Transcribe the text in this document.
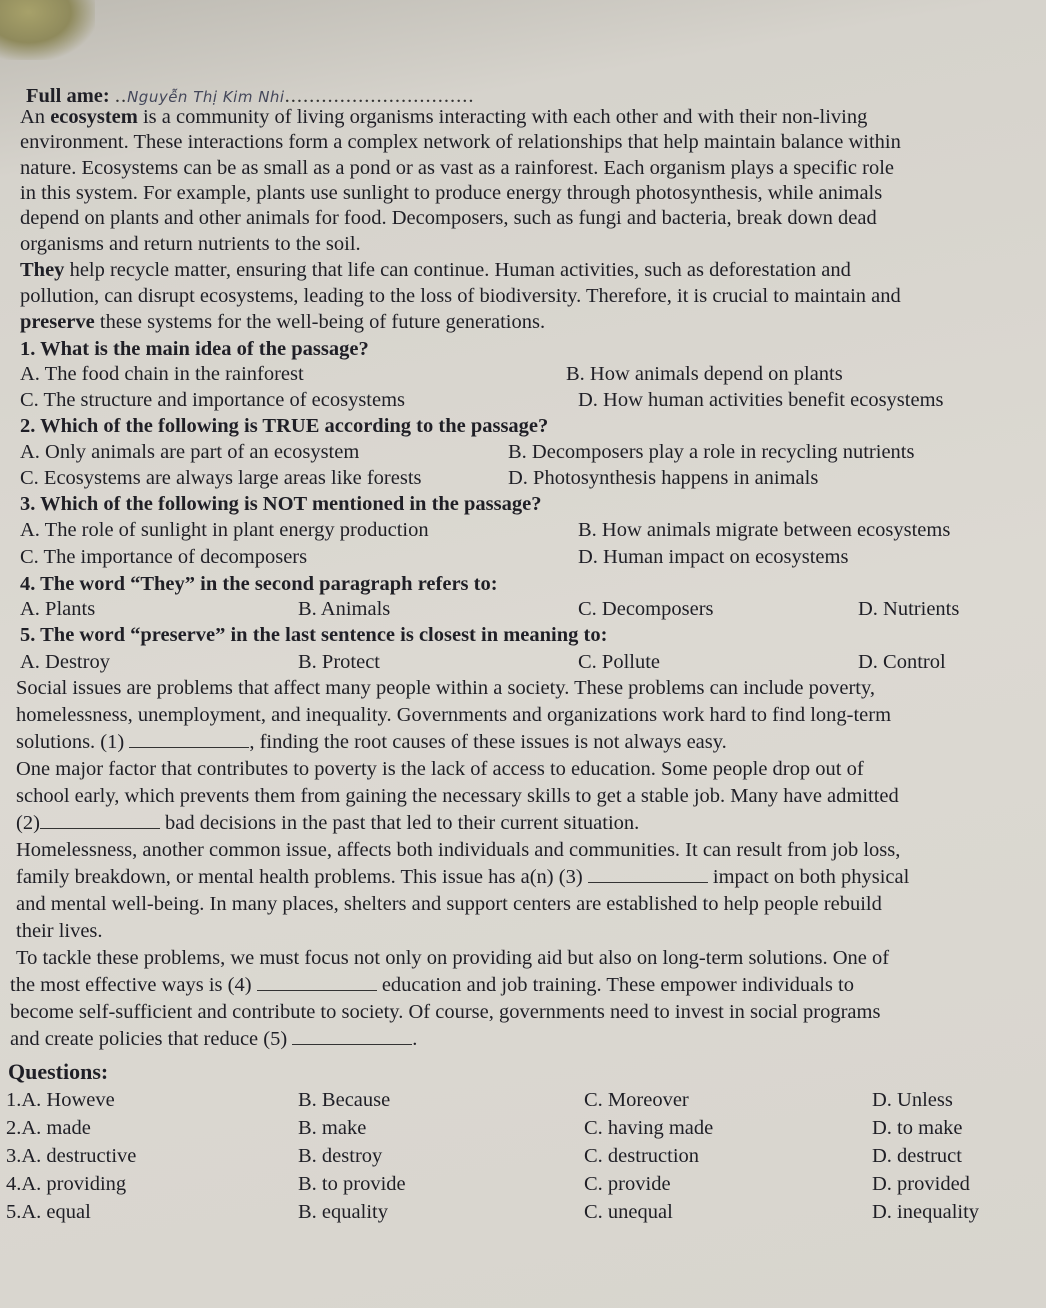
Full ame: ..Nguyễn Thị Kim Nhi...............................
An ecosystem is a community of living organisms interacting with each other and with their non-living
environment. These interactions form a complex network of relationships that help maintain balance within
nature. Ecosystems can be as small as a pond or as vast as a rainforest. Each organism plays a specific role
in this system. For example, plants use sunlight to produce energy through photosynthesis, while animals
depend on plants and other animals for food. Decomposers, such as fungi and bacteria, break down dead
organisms and return nutrients to the soil.
They help recycle matter, ensuring that life can continue. Human activities, such as deforestation and
pollution, can disrupt ecosystems, leading to the loss of biodiversity. Therefore, it is crucial to maintain and
preserve these systems for the well-being of future generations.
1. What is the main idea of the passage?
A. The food chain in the rainforest	B. How animals depend on plants
C. The structure and importance of ecosystems	D. How human activities benefit ecosystems
2. Which of the following is TRUE according to the passage?
A. Only animals are part of an ecosystem	B. Decomposers play a role in recycling nutrients
C. Ecosystems are always large areas like forests	D. Photosynthesis happens in animals
3. Which of the following is NOT mentioned in the passage?
A. The role of sunlight in plant energy production	B. How animals migrate between ecosystems
C. The importance of decomposers	D. Human impact on ecosystems
4. The word “They” in the second paragraph refers to:
A. Plants	B. Animals	C. Decomposers	D. Nutrients
5. The word “preserve” in the last sentence is closest in meaning to:
A. Destroy	B. Protect	C. Pollute	D. Control
Social issues are problems that affect many people within a society. These problems can include poverty,
homelessness, unemployment, and inequality. Governments and organizations work hard to find long-term
solutions. (1)	, finding the root causes of these issues is not always easy.
One major factor that contributes to poverty is the lack of access to education. Some people drop out of
school early, which prevents them from gaining the necessary skills to get a stable job. Many have admitted
(2)	bad decisions in the past that led to their current situation.
Homelessness, another common issue, affects both individuals and communities. It can result from job loss,
family breakdown, or mental health problems. This issue has a(n) (3)	impact on both physical
and mental well-being. In many places, shelters and support centers are established to help people rebuild
their lives.
To tackle these problems, we must focus not only on providing aid but also on long-term solutions. One of
the most effective ways is (4)	education and job training. These empower individuals to
become self-sufficient and contribute to society. Of course, governments need to invest in social programs
and create policies that reduce (5)	.
Questions:
1.A. Howeve	B. Because	C. Moreover	D. Unless
2.A. made	B. make	C. having made	D. to make
3.A. destructive	B. destroy	C. destruction	D. destruct
4.A. providing	B. to provide	C. provide	D. provided
5.A. equal	B. equality	C. unequal	D. inequality
